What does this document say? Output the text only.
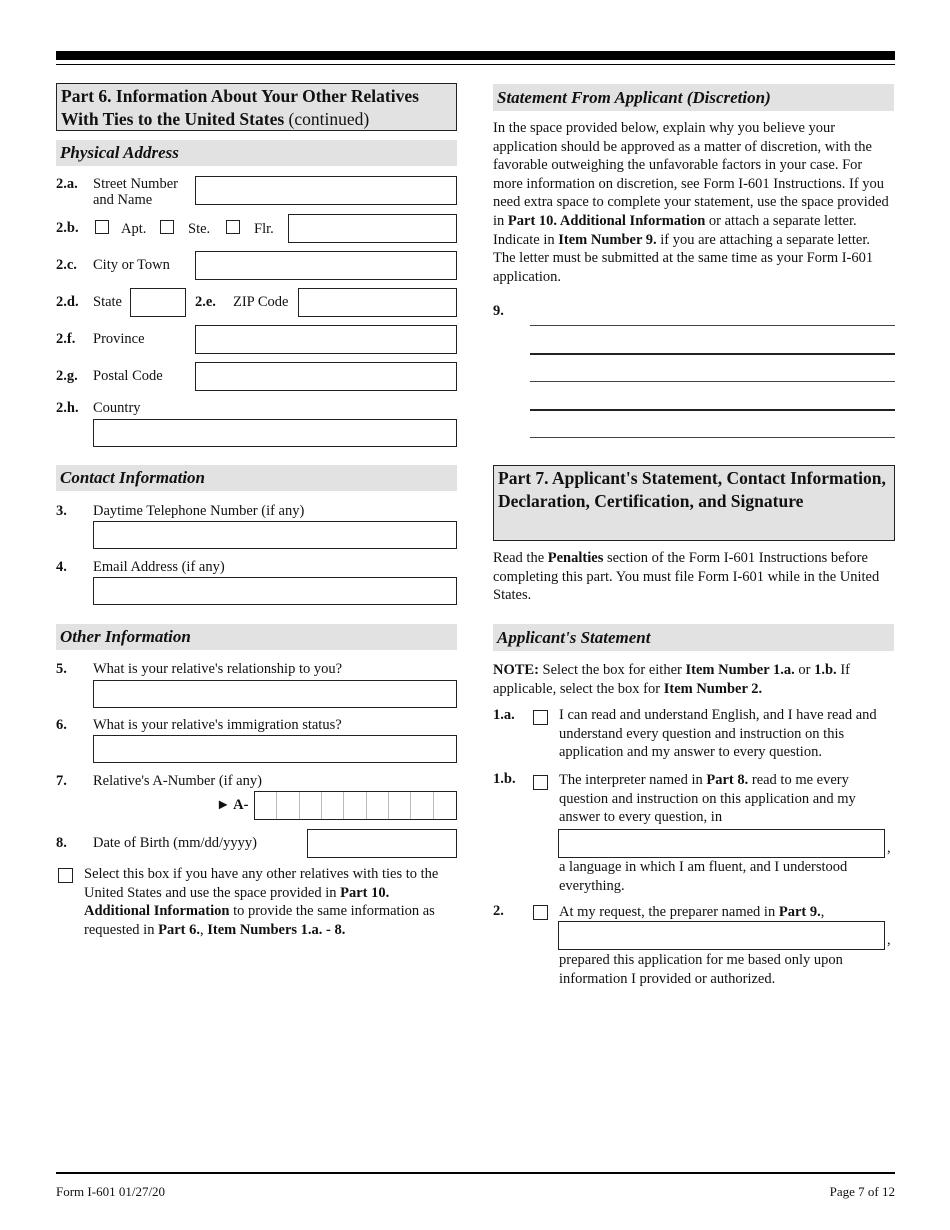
Part 6. Information About Your Other Relatives With Ties to the United States (continued)
Physical Address
2.a. Street Number and Name
2.b.	Apt.	Ste.	Flr.
2.c. City or Town
2.d. State	2.e. ZIP Code
2.f. Province
2.g. Postal Code
2.h. Country
Contact Information
3. Daytime Telephone Number (if any)
4. Email Address (if any)
Other Information
5. What is your relative's relationship to you?
6. What is your relative's immigration status?
7. Relative's A-Number (if any)
► A-
8. Date of Birth (mm/dd/yyyy)
Select this box if you have any other relatives with ties to the United States and use the space provided in Part 10. Additional Information to provide the same information as requested in Part 6., Item Numbers 1.a. - 8.
Statement From Applicant (Discretion)
In the space provided below, explain why you believe your application should be approved as a matter of discretion, with the favorable outweighing the unfavorable factors in your case. For more information on discretion, see Form I-601 Instructions. If you need extra space to complete your statement, use the space provided in Part 10. Additional Information or attach a separate letter. Indicate in Item Number 9. if you are attaching a separate letter. The letter must be submitted at the same time as your Form I-601 application.
9.
Part 7. Applicant's Statement, Contact Information, Declaration, Certification, and Signature
Read the Penalties section of the Form I-601 Instructions before completing this part. You must file Form I-601 while in the United States.
Applicant's Statement
NOTE: Select the box for either Item Number 1.a. or 1.b. If applicable, select the box for Item Number 2.
1.a.	I can read and understand English, and I have read and understand every question and instruction on this application and my answer to every question.
1.b.	The interpreter named in Part 8. read to me every question and instruction on this application and my answer to every question, in
,
a language in which I am fluent, and I understood everything.
2.	At my request, the preparer named in Part 9.,
,
prepared this application for me based only upon information I provided or authorized.
Form I-601 01/27/20	Page 7 of 12
